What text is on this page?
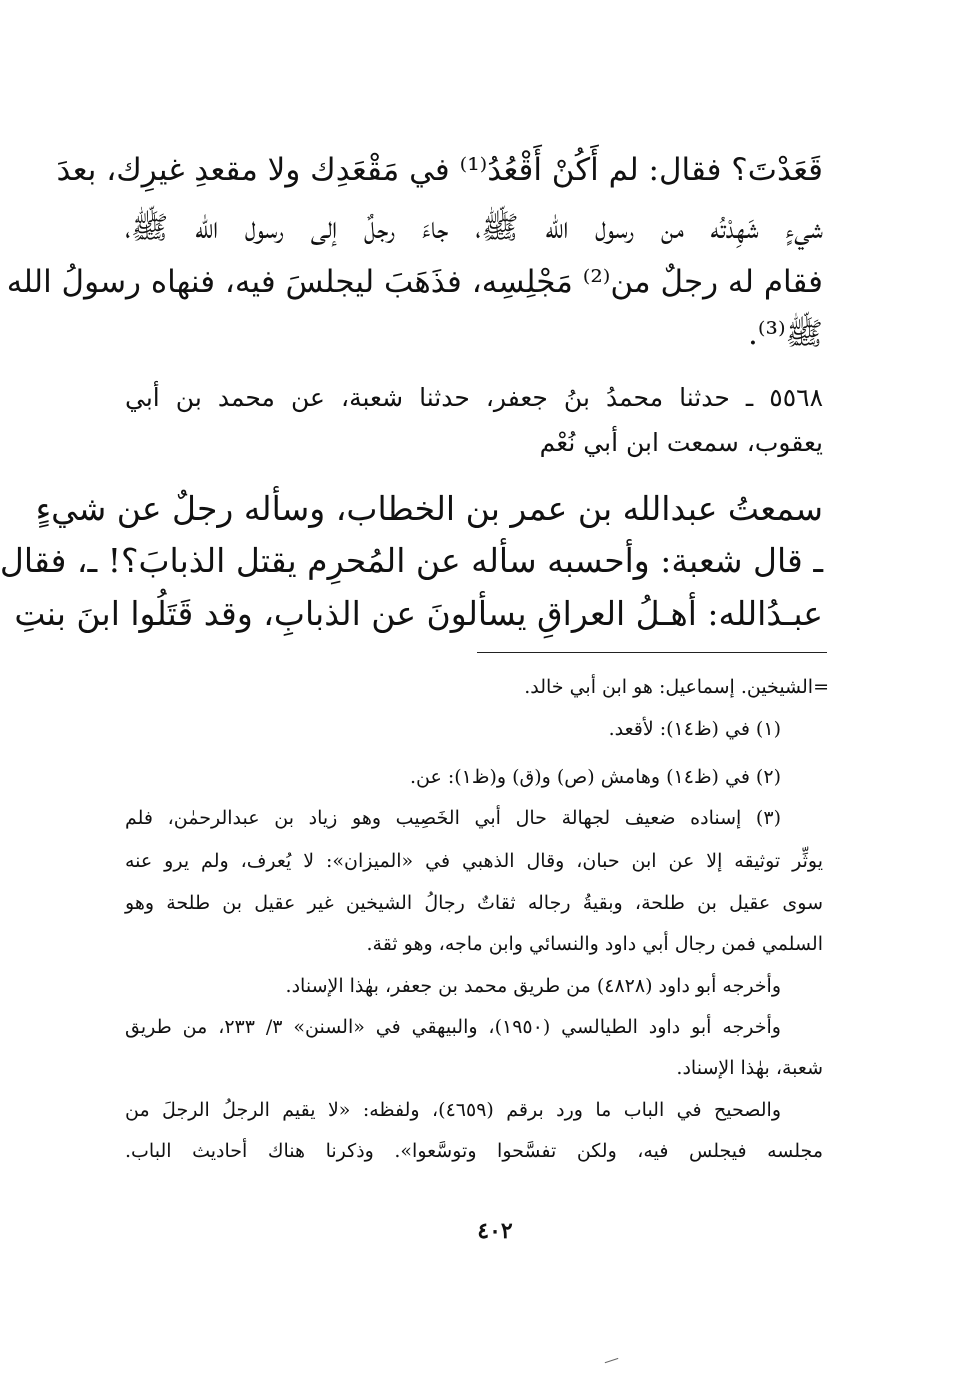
قَعَدْتَ؟ فقال: لم أَكُنْ أَقْعُدُ⁽¹⁾ في مَقْعَدِك ولا مقعدِ غيرِك، بعدَ
شيءٍ شَهِدْتُه من رسول الله ﷺ، جاءَ رجلٌ إلى رسول الله ﷺ،
فقام له رجلٌ من⁽²⁾ مَجْلِسِه، فذَهَبَ ليجلسَ فيه، فنهاه رسولُ الله
ﷺ⁽³⁾.
٥٥٦٨ ـ حدثنا محمدُ بنُ جعفر، حدثنا شعبة، عن محمد بن أبي
يعقوب، سمعت ابن أبي نُعْم
سمعتُ عبدالله بن عمر بن الخطاب، وسأله رجلٌ عن شيءٍ
ـ قال شعبة: وأحسبه سأله عن المُحرِم يقتل الذبابَ؟! ـ، فقال
عبـدُالله: أهـلُ العراقِ يسألونَ عن الذبابِ، وقد قَتَلُوا ابنَ بنتِ
=الشيخين. إسماعيل: هو ابن أبي خالد.
(١) في (ظ١٤): لأقعد.
(٢) في (ظ١٤) وهامش (ص) و(ق) و(ظ١): عن.
(٣) إسناده ضعيف لجهالة حال أبي الخَصِيب وهو زياد بن عبدالرحمٰن، فلم
يوثِّر توثيقه إلا عن ابن حبان، وقال الذهبي في «الميزان»: لا يُعرف، ولم يرو عنه
سوى عقيل بن طلحة، وبقيةُ رجاله ثقاتٌ رجالُ الشيخين غير عقيل بن طلحة وهو
السلمي فمن رجال أبي داود والنسائي وابن ماجه، وهو ثقة.
وأخرجه أبو داود (٤٨٢٨) من طريق محمد بن جعفر، بهٰذا الإسناد.
وأخرجه أبو داود الطيالسي (١٩٥٠)، والبيهقي في «السنن» ٣/ ٢٣٣، من طريق
شعبة، بهٰذا الإسناد.
والصحيح في الباب ما ورد برقم (٤٦٥٩)، ولفظه: «لا يقيم الرجلُ الرجلَ من
مجلسه فيجلس فيه، ولكن تفسَّحوا وتوسَّعوا». وذكرنا هناك أحاديث الباب.
٤٠٢
